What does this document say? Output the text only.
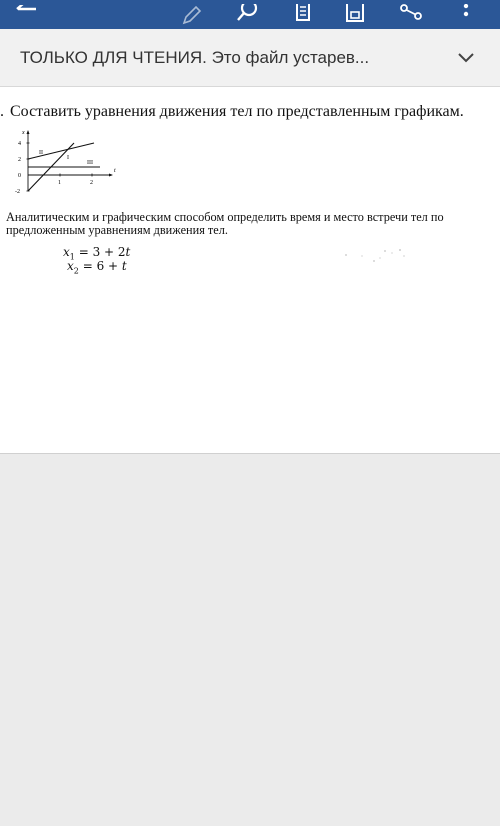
ТОЛЬКО ДЛЯ ЧТЕНИЯ. Это файл устарев...
. Составить уравнения движения тел по представленным графикам.
x
t
4
2
0
-2
1	2
II
I
III
Аналитическим и графическим способом определить время и место встречи тел по предложенным уравнениям движения тел.
$x_1 = 3 + 2t$
$x_2 = 6 + t$
